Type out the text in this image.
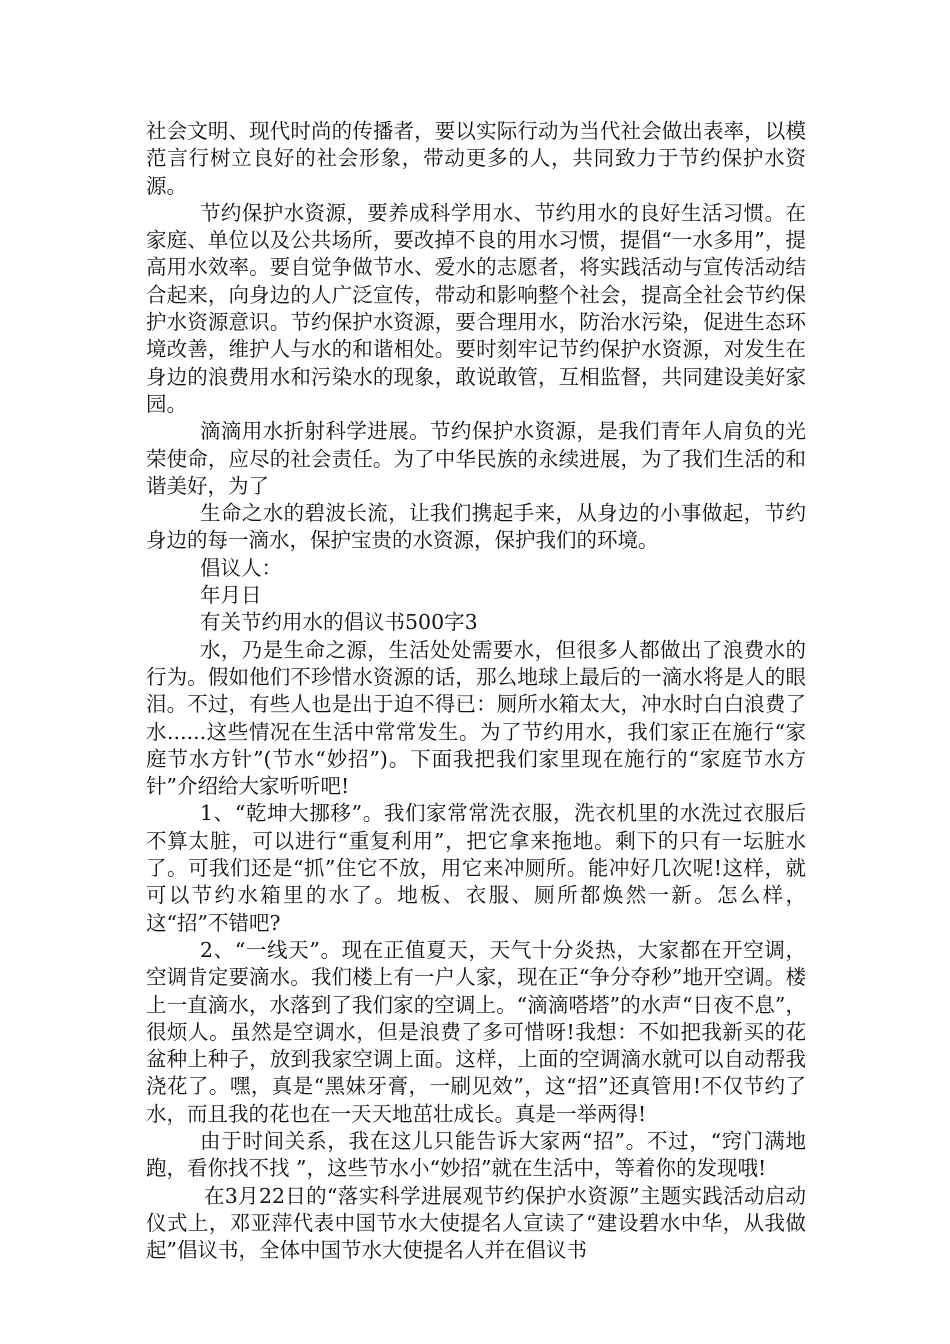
社会文明、现代时尚的传播者，要以实际行动为当代社会做出表率，以模范言行树立良好的社会形象，带动更多的人，共同致力于节约保护水资源。

节约保护水资源，要养成科学用水、节约用水的良好生活习惯。在家庭、单位以及公共场所，要改掉不良的用水习惯，提倡“一水多用”，提高用水效率。要自觉争做节水、爱水的志愿者，将实践活动与宣传活动结合起来，向身边的人广泛宣传，带动和影响整个社会，提高全社会节约保护水资源意识。节约保护水资源，要合理用水，防治水污染，促进生态环境改善，维护人与水的和谐相处。要时刻牢记节约保护水资源，对发生在身边的浪费用水和污染水的现象，敢说敢管，互相监督，共同建设美好家园。

滴滴用水折射科学进展。节约保护水资源，是我们青年人肩负的光荣使命，应尽的社会责任。为了中华民族的永续进展，为了我们生活的和谐美好，为了

生命之水的碧波长流，让我们携起手来，从身边的小事做起，节约身边的每一滴水，保护宝贵的水资源，保护我们的环境。

倡议人：

年月日

有关节约用水的倡议书500字3

水，乃是生命之源，生活处处需要水，但很多人都做出了浪费水的行为。假如他们不珍惜水资源的话，那么地球上最后的一滴水将是人的眼泪。不过，有些人也是出于迫不得已：厕所水箱太大，冲水时白白浪费了水......这些情况在生活中常常发生。为了节约用水，我们家正在施行“家庭节水方针”(节水“妙招”)。下面我把我们家里现在施行的“家庭节水方针”介绍给大家听听吧!

1、“乾坤大挪移”。我们家常常洗衣服，洗衣机里的水洗过衣服后不算太脏，可以进行“重复利用”，把它拿来拖地。剩下的只有一坛脏水了。可我们还是“抓”住它不放，用它来冲厕所。能冲好几次呢!这样，就可以节约水箱里的水了。地板、衣服、厕所都焕然一新。怎么样，这“招”不错吧?

2、“一线天”。现在正值夏天，天气十分炎热，大家都在开空调，空调肯定要滴水。我们楼上有一户人家，现在正“争分夺秒”地开空调。楼上一直滴水，水落到了我们家的空调上。“滴滴嗒塔”的水声“日夜不息”，很烦人。虽然是空调水，但是浪费了多可惜呀!我想：不如把我新买的花盆种上种子，放到我家空调上面。这样，上面的空调滴水就可以自动帮我浇花了。嘿，真是“黑妹牙膏，一刷见效”，这“招”还真管用!不仅节约了水，而且我的花也在一天天地茁壮成长。真是一举两得!

由于时间关系，我在这儿只能告诉大家两“招”。不过，“窍门满地跑，看你找不找 ”，这些节水小“妙招”就在生活中，等着你的发现哦!

在3月22日的“落实科学进展观节约保护水资源”主题实践活动启动仪式上，邓亚萍代表中国节水大使提名人宣读了“建设碧水中华，从我做起”倡议书，全体中国节水大使提名人并在倡议书
